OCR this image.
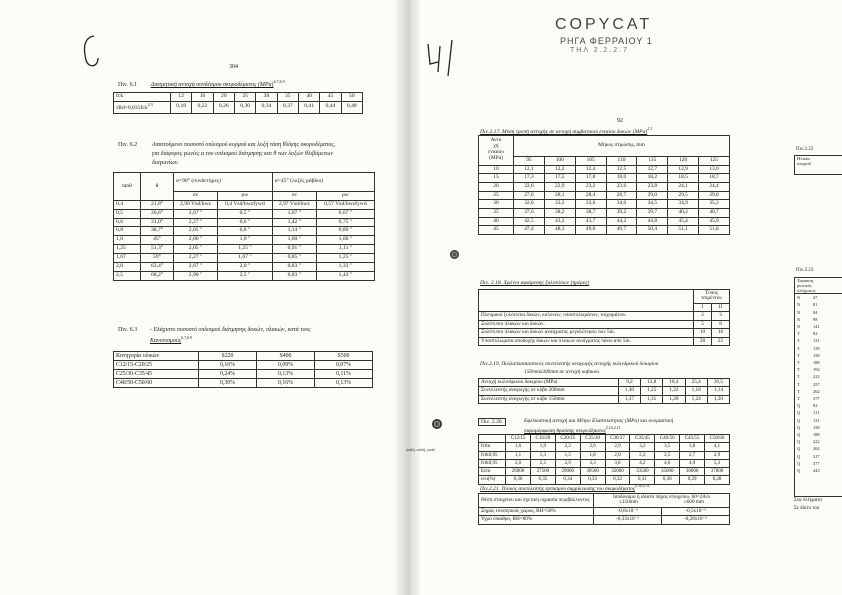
304
Πιν. 6.1 Διατμητική αντοχή συνδέσμου σκυροδέματος (MPa)$^{6.7,6.9}$
fck	12	16	20	25	30	35	40	45	50
τRd=0,035fck$^{2/3}$	0,18	0,22	0,26	0,30	0,34	0,37	0,41	0,44	0,48
Πιν. 6.2 Απαιτούμενο ποσοστό οπλισμού κορμού και λοξή τάση θλίψης σκυροδέματος,
για διάφορες γωνίες α του οπλισμού διάτμησης και θ των λοξών θλιβόμενων
διαγωνίων.
tanθ	θ	α=90° (συνδετήρες)		α=45° (λοξές ράβδοι)	
		σc	ρw	σc	ρw
0,4	21,8°	2,90 Vsd/bwz	0,4 Vsd/bwzfywd	2,97 Vsd/bwz	0,57 Vsd/bwzfywd
0,5	26,6°	2,67 "	0,5 "	1,67 "	0,67 "
0,6	31,0°	2,27 "	0,6 "	1,42 "	0,75 "
0,8	38,7°	2,05 "	0,8 "	1,14 "	0,89 "
1,0	45°	2,00 "	1,0 "	1,00 "	1,00 "
1,25	51,3°	2,05 "	1,25 "	0,91 "	1,11 "
1,67	59°	2,27 "	1,67 "	0,85 "	1,25 "
2,0	63,4°	2,67 "	2,0 "	0,83 "	1,33 "
2,5	68,2°	2,90 "	2,5 "	0,83 "	1,43 "
Πιν. 6.3 - Ελάχιστο ποσοστό οπλισμού διάτμησης δοκών, πλακών, κατά τους
Κανονισμούς$^{6.7,6.9}$
Κατηγορία υλικών	S220	S400	S500
C12/15-C20/25	0,16%	0,09%	0,07%
C25/30-C35/45	0,24%	0,13%	0,11%
C40/50-C50/60	0,30%	0,16%	0,13%
COPYCAT
ΡΗΓΑ ΦΕΡΡΑΙΟΥ 1
ΤΗΛ 2.2.2.7
92
Πιν.2.17. Μέση τροπή αντοχής σε αντοχή συμβατικού ενιαίου δοκών (MPa)$^{2.1}$
Αντο
χή
ενιαίου
(MPa)	Μήκος στρώσης, mm						
	95	100	105	110	115	120	125
10	12,1	12,2	12,4	12,5	12,7	12,9	13,0
15	17,3	17,5	17,8	18,0	18,2	18,5	18,7
20	22,6	22,9	23,2	23,6	23,8	24,1	24,4
25	27,6	28,1	28,4	28,7	29,0	29,5	29,8
30	32,6	33,2	33,6	34,0	34,5	34,9	35,3
35	37,6	38,2	38,7	39,2	39,7	40,2	40,7
40	42,5	43,2	43,7	44,2	44,8	45,4	45,9
45	47,4	48,3	49,0	49,7	50,4	51,1	51,8
Πιν. 2.18. Χρόνοι αφαίρεσης ξυλοτύπων (ημέρες)
	Τύπος τσιμέντου	
	I	II
Πλευρικοί ξυλότυποι δοκών, κολονών, υποστυλωμάτων, τοιχωμάτων.	2	3
Ξυλότυποι πλακών και δοκών.	5	8
Ξυλότυποι πλακών και δοκών ανοίγματος μεγαλύτερου των 5m.	10	16
Υποστυλώματα αποδοχής δοκών και πλακών ανοίγματος πάνω από 5m.	28	25
Πιν.2.19. Πολλαπλασιαστικός συντελεστής αναγωγής αντοχής κυλινδρικού δοκιμίου
150mmx300mm σε αντοχή κυβικού.
Αντοχή κυλινδρικού δοκιμίου (MPa)	9,2	12,8	18,4	25,4	39,5
Συντελεστής αναγωγής σε κύβο 200mm	1,30	1,25	1,22	1,18	1,14
Συντελεστής αναγωγής σε κύβο 150mm	1,37	1,31	1,28	1,24	1,20
Πιν. 2.20.	Εφελκυστική αντοχή και Μέτρο Ελαστικότητας (MPa) και ονομαστική
παραμόρφωση θραύσης σκυροδέματος$^{2.10,2.11}$
ψηλή, απλή, εμπλ.
	C12/15	C16/20	C20/25	C25/30	C30/37	C35/45	C40/50	C45/55	C50/60
fctm	1,6	1,9	2,2	2,6	2,9	3,2	3,5	3,8	4,1
fctk0,05	1,1	1,3	1,5	1,8	2,0	2,2	2,5	2,7	2,9
fctk0,95	2,0	2,5	2,9	3,3	3,8	4,2	4,6	4,9	5,3
Ecm	26000	27500	29000	30500	32000	33500	35000	36000	37000
εcu(%)	0,36	0,35	0,34	0,33	0,32	0,31	0,30	0,29	0,28
Πιν.2.21. Τελικός συντελεστής ερπυσμού συρρίκνωσης του σκυροδέματος$^{2.10,2.11}$
Θέση στοιχείου και σχετική υγρασία περιβάλλοντος	Ισοδύναμο ή ιδεατό πάχος στοιχείου, h0=2A/u
≤150mm ≥600 mm	

Ξηρός εσωτερικός χώρος, RH=50%	-0,6x10⁻³	-0,5x10⁻³
Υγρό ύπαιθρο, RH=80%	-0,33x10⁻³	-0,28x10⁻³
Πιν.2.22
Ηλικία
σκυροδ
Πιν.2.23.
Χαρακτη
ριστικός
πλέγματος
Ν	47
Ν	81
Ν	94
Ν	98
Ν	141
Τ	92
Τ	131
Τ	139
Τ	158
Τ	188
Τ	192
Τ	222
Τ	257
Τ	262
Τ	377
Q	92
Q	111
Q	131
Q	158
Q	188
Q	222
Q	262
Q	317
Q	377
Q	443
Στα πλέγματα
Σε δίκτυ τού
